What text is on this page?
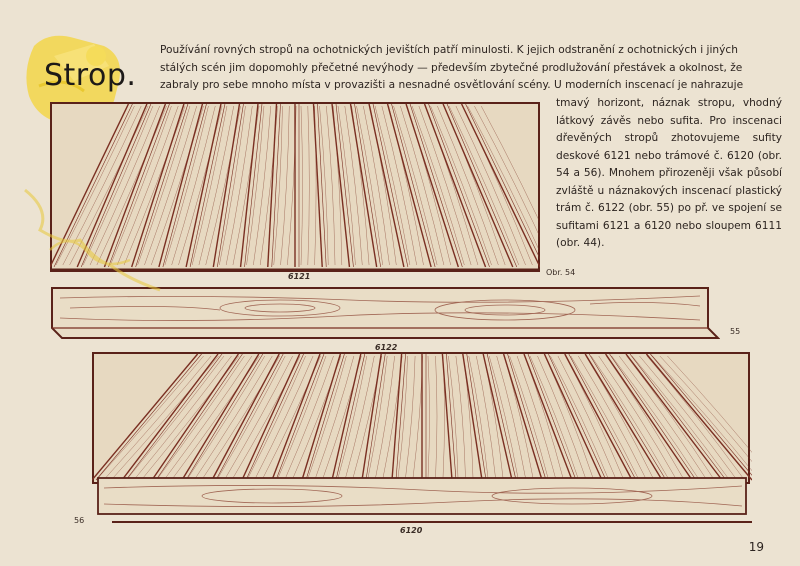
Strop.

Používání rovných stropů na ochotnických jevištích patří minulosti. K jejich odstranění z ochotnických i jiných
stálých scén jim dopomohly přečetné nevýhody — především zbytečné prodlužování přestávek a okolnost, že
zabraly pro sebe mnoho místa v provazišti a nesnadné osvětlování scény. U moderních inscenací je nahrazuje

tmavý horizont, náznak stropu, vhodný látkový závěs nebo sufita. Pro inscenaci dřevěných stropů zhotovujeme sufity deskové 6121 nebo trámové č. 6120 (obr. 54 a 56). Mnohem přirozeněji však působí zvláště u náznakových inscenací plastický trám č. 6122 (obr. 55) po př. ve spojení se sufitami 6121 a 6120 nebo sloupem 6111 (obr. 44).

6121	Obr. 54
6122
55
56
6120
19
